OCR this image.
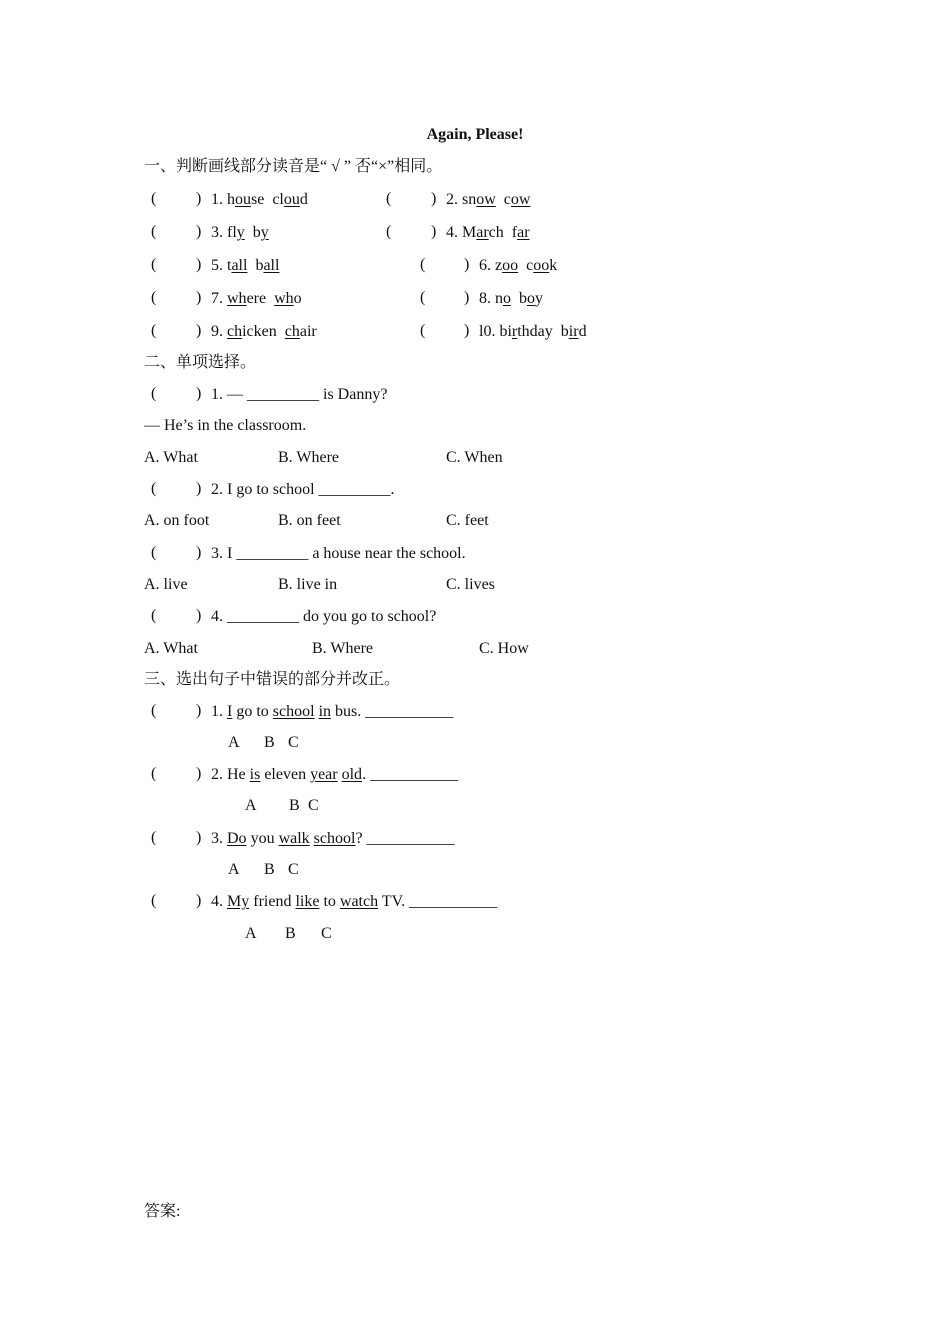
Again, Please!
一、判断画线部分读音是“ √ ” 否“×”相同。
( ) 1. house cloud	( ) 2. snow cow
( ) 3. fly by	( ) 4. March far
( ) 5. tall ball	( ) 6. zoo cook
( ) 7. where who	( ) 8. no boy
( ) 9. chicken chair	( ) l0. birthday bird
二、单项选择。
( ) 1. — _________ is Danny?
— He’s in the classroom.
A. What	B. Where	C. When
( ) 2. I go to school _________.
A. on foot	B. on feet	C. feet
( ) 3. I _________ a house near the school.
A. live	B. live in	C. lives
( ) 4. _________ do you go to school?
A. What	B. Where	C. How
三、选出句子中错误的部分并改正。
( ) 1. I go to school in bus. ___________
A B C
( ) 2. He is eleven year old. ___________
A B C
( ) 3. Do you walk school? ___________
A B C
( ) 4. My friend like to watch TV. ___________
A B C
答案:
